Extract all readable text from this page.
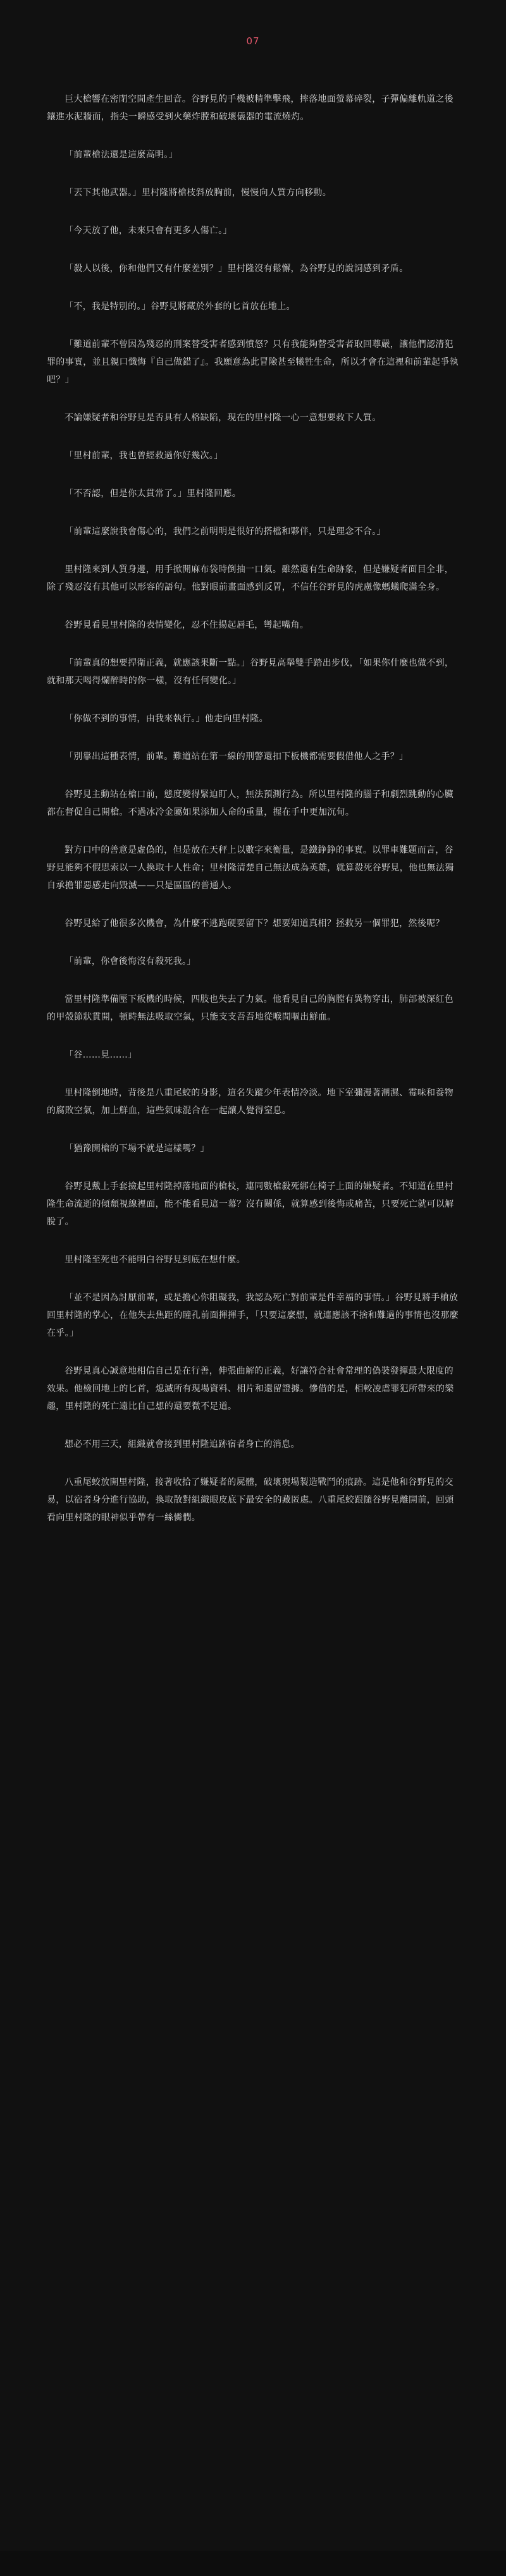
07

巨大槍響在密閉空間產生回音。谷野見的手機被精準擊飛，摔落地面螢幕碎裂，子彈偏離軌道之後鑲進水泥牆面，指尖一瞬感受到火藥炸膛和破壞儀器的電流燒灼。

「前輩槍法還是這麼高明。」

「丟下其他武器。」里村隆將槍枝斜放胸前，慢慢向人質方向移動。

「今天放了他，未來只會有更多人傷亡。」

「殺人以後，你和他們又有什麼差別？」里村隆沒有鬆懈，為谷野見的說詞感到矛盾。

「不，我是特別的。」谷野見將藏於外套的匕首放在地上。

「難道前輩不曾因為殘忍的刑案替受害者感到憤怒？只有我能夠替受害者取回尊嚴，讓他們認清犯罪的事實，並且親口懺悔『自己做錯了』。我願意為此冒險甚至犧牲生命，所以才會在這裡和前輩起爭執吧？」

不論嫌疑者和谷野見是否具有人格缺陷，現在的里村隆一心一意想要救下人質。

「里村前輩，我也曾經救過你好幾次。」

「不否認，但是你太貫常了。」里村隆回應。

「前輩這麼說我會傷心的，我們之前明明是很好的搭檔和夥伴，只是理念不合。」

里村隆來到人質身邊，用手掀開麻布袋時倒抽一口氣。雖然還有生命跡象，但是嫌疑者面目全非，除了殘忍沒有其他可以形容的語句。他對眼前畫面感到反胃，不信任谷野見的虎慮像螞蟻爬滿全身。

谷野見看見里村隆的表情變化，忍不住揚起唇毛，彎起嘴角。

「前輩真的想要捍衛正義，就應該果斷一點。」谷野見高舉雙手踏出步伐，「如果你什麼也做不到，就和那天喝得爛醉時的你一樣，沒有任何變化。」

「你做不到的事情，由我來執行。」他走向里村隆。

「別靠出這種表情，前輩。難道站在第一線的刑警還扣下板機都需要假借他人之手？」

谷野見主動站在槍口前，態度變得緊迫盯人，無法預測行為。所以里村隆的腦子和劇烈跳動的心臟都在督促自己開槍。不過冰冷金屬如果添加人命的重量，握在手中更加沉甸。

對方口中的善意是虛偽的，但是放在天秤上以數字來衡量，是鐵錚錚的事實。以罪車難題而言，谷野見能夠不假思索以一人換取十人性命；里村隆清楚自己無法成為英雄，就算殺死谷野見，他也無法獨自承擔罪惡感走向毀滅——只是區區的普通人。

谷野見給了他很多次機會，為什麼不逃跑硬要留下？想要知道真相？拯救另一個罪犯，然後呢？

「前輩，你會後悔沒有殺死我。」

當里村隆準備壓下板機的時候，四肢也失去了力氣。他看見自己的胸膛有異物穿出，肺部被深紅色的甲殼節狀貫開，頓時無法吸取空氣，只能支支吾吾地從喉間嘔出鮮血。

「谷……見……」

里村隆倒地時，背後是八重尾蛟的身影，這名失蹤少年表情冷淡。地下室彌漫著潮濕、霉味和養物的腐敗空氣，加上鮮血，這些氣味混合在一起讓人覺得窒息。

「猶豫開槍的下場不就是這樣嗎？」

谷野見戴上手套撿起里村隆掉落地面的槍枝，連同數槍殺死綁在椅子上面的嫌疑者。不知道在里村隆生命流逝的傾頹視線裡面，能不能看見這一幕？沒有關係，就算感到後悔或痛苦，只要死亡就可以解脫了。

里村隆至死也不能明白谷野見到底在想什麼。

「並不是因為討厭前輩，或是擔心你阻礙我，我認為死亡對前輩是件幸福的事情。」谷野見將手槍放回里村隆的掌心，在他失去焦距的瞳孔前面揮揮手，「只要這麼想，就連應該不捨和難過的事情也沒那麼在乎。」

谷野見真心誠意地相信自己是在行善，伸張曲解的正義，好讓符合社會常理的偽裝發揮最大限度的效果。他檢回地上的匕首，熄滅所有現場資料、相片和還留證據。慘借的是，相較凌虐罪犯所帶來的樂趣，里村隆的死亡遠比自己想的還要微不足道。

想必不用三天，組織就會接到里村隆追跡宿者身亡的消息。

八重尾蛟放開里村隆，接著收拾了嫌疑者的屍體，破壞現場製造戰鬥的痕跡。這是他和谷野見的交易，以宿者身分進行協助，換取散對組織眼皮底下最安全的藏匿處。八重尾蛟跟隨谷野見離開前，回頭看向里村隆的眼神似乎帶有一絲憐憫。
